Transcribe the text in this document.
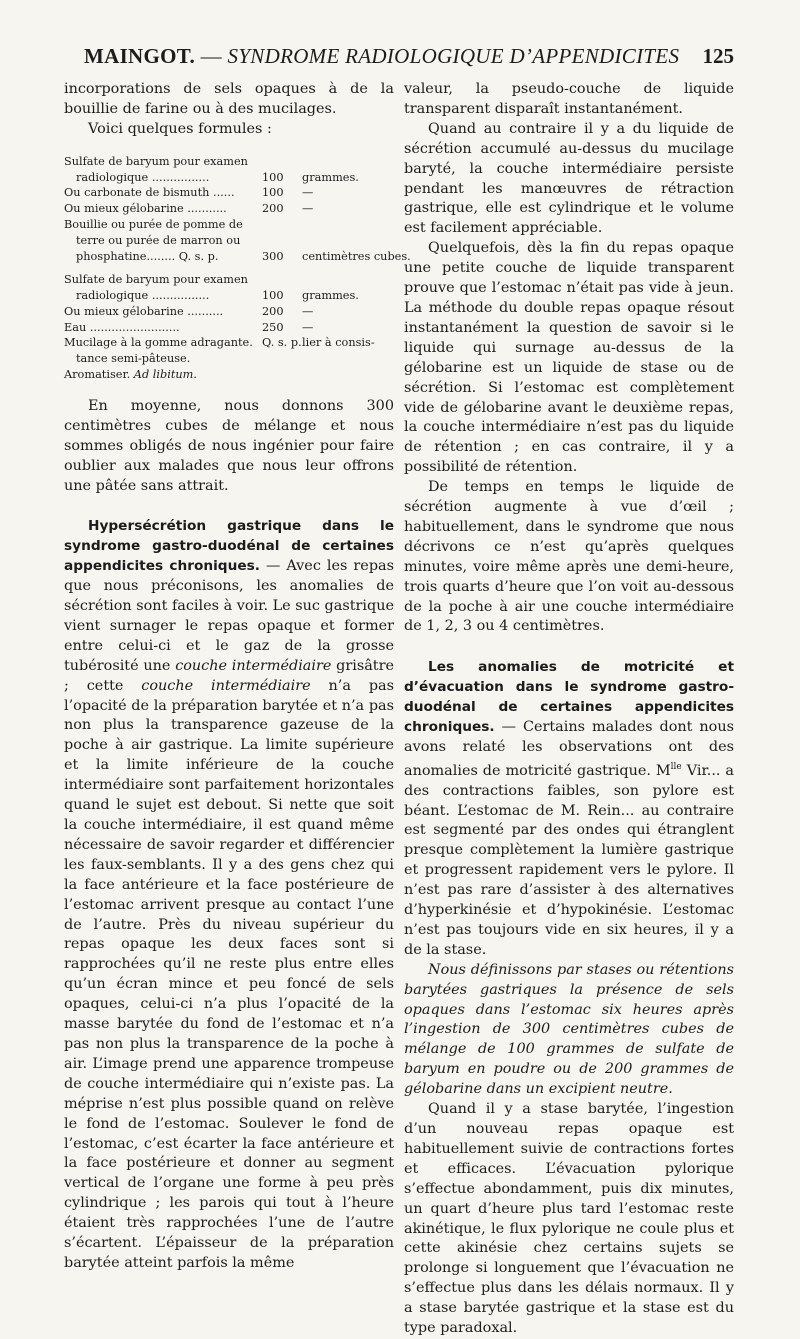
MAINGOT. — SYNDROME RADIOLOGIQUE D’APPENDICITES 125

incorporations de sels opaques à de la bouillie de farine ou à des mucilages.

Voici quelques formules :

Sulfate de baryum pour examen
radiologique ................	100 grammes.
Ou carbonate de bismuth ...... 100 —
Ou mieux gélobarine ...........	200 —
Bouillie ou purée de pomme de
terre ou purée de marron ou
phosphatine........ Q. s. p.	300 centimètres cubes.
Sulfate de baryum pour examen
radiologique ................	100 grammes.
Ou mieux gélobarine ..........	200 —
Eau .........................	250 —
Mucilage à la gomme adragante. Q. s. p. lier à consis-
tance semi-pâteuse.
Aromatiser. Ad libitum.

En moyenne, nous donnons 300 centimètres cubes de mélange et nous sommes obligés de nous ingénier pour faire oublier aux malades que nous leur offrons une pâtée sans attrait.

Hypersécrétion gastrique dans le syndrome gastro-duodénal de certaines appendicites chroniques. — Avec les repas que nous préconisons, les anomalies de sécrétion sont faciles à voir. Le suc gastrique vient surnager le repas opaque et former entre celui-ci et le gaz de la grosse tubérosité une couche intermédiaire grisâtre ; cette couche intermédiaire n’a pas l’opacité de la préparation barytée et n’a pas non plus la transparence gazeuse de la poche à air gastrique. La limite supérieure et la limite inférieure de la couche intermédiaire sont parfaitement horizontales quand le sujet est debout. Si nette que soit la couche intermédiaire, il est quand même nécessaire de savoir regarder et différencier les faux-semblants. Il y a des gens chez qui la face antérieure et la face postérieure de l’estomac arrivent presque au contact l’une de l’autre. Près du niveau supérieur du repas opaque les deux faces sont si rapprochées qu’il ne reste plus entre elles qu’un écran mince et peu foncé de sels opaques, celui-ci n’a plus l’opacité de la masse barytée du fond de l’estomac et n’a pas non plus la transparence de la poche à air. L’image prend une apparence trompeuse de couche intermédiaire qui n’existe pas. La méprise n’est plus possible quand on relève le fond de l’estomac. Soulever le fond de l’estomac, c’est écarter la face antérieure et la face postérieure et donner au segment vertical de l’organe une forme à peu près cylindrique ; les parois qui tout à l’heure étaient très rapprochées l’une de l’autre s’écartent. L’épaisseur de la préparation barytée atteint parfois la même

valeur, la pseudo-couche de liquide transparent disparaît instantanément.

Quand au contraire il y a du liquide de sécrétion accumulé au-dessus du mucilage baryté, la couche intermédiaire persiste pendant les manœuvres de rétraction gastrique, elle est cylindrique et le volume est facilement appréciable.

Quelquefois, dès la fin du repas opaque une petite couche de liquide transparent prouve que l’estomac n’était pas vide à jeun. La méthode du double repas opaque résout instantanément la question de savoir si le liquide qui surnage au-dessus de la gélobarine est un liquide de stase ou de sécrétion. Si l’estomac est complètement vide de gélobarine avant le deuxième repas, la couche intermédiaire n’est pas du liquide de rétention ; en cas contraire, il y a possibilité de rétention.

De temps en temps le liquide de sécrétion augmente à vue d’œil ; habituellement, dans le syndrome que nous décrivons ce n’est qu’après quelques minutes, voire même après une demi-heure, trois quarts d’heure que l’on voit au-dessous de la poche à air une couche intermédiaire de 1, 2, 3 ou 4 centimètres.

Les anomalies de motricité et d’évacuation dans le syndrome gastro-duodénal de certaines appendicites chroniques. — Certains malades dont nous avons relaté les observations ont des anomalies de motricité gastrique. $M^{lle}$ Vir... a des contractions faibles, son pylore est béant. L’estomac de M. Rein... au contraire est segmenté par des ondes qui étranglent presque complètement la lumière gastrique et progressent rapidement vers le pylore. Il n’est pas rare d’assister à des alternatives d’hyperkinésie et d’hypokinésie. L’estomac n’est pas toujours vide en six heures, il y a de la stase.

Nous définissons par stases ou rétentions barytées gastriques la présence de sels opaques dans l’estomac six heures après l’ingestion de 300 centimètres cubes de mélange de 100 grammes de sulfate de baryum en poudre ou de 200 grammes de gélobarine dans un excipient neutre.

Quand il y a stase barytée, l’ingestion d’un nouveau repas opaque est habituellement suivie de contractions fortes et efficaces. L’évacuation pylorique s’effectue abondamment, puis dix minutes, un quart d’heure plus tard l’estomac reste akinétique, le flux pylorique ne coule plus et cette akinésie chez certains sujets se prolonge si longuement que l’évacuation ne s’effectue plus dans les délais normaux. Il y a stase barytée gastrique et la stase est du type paradoxal.
